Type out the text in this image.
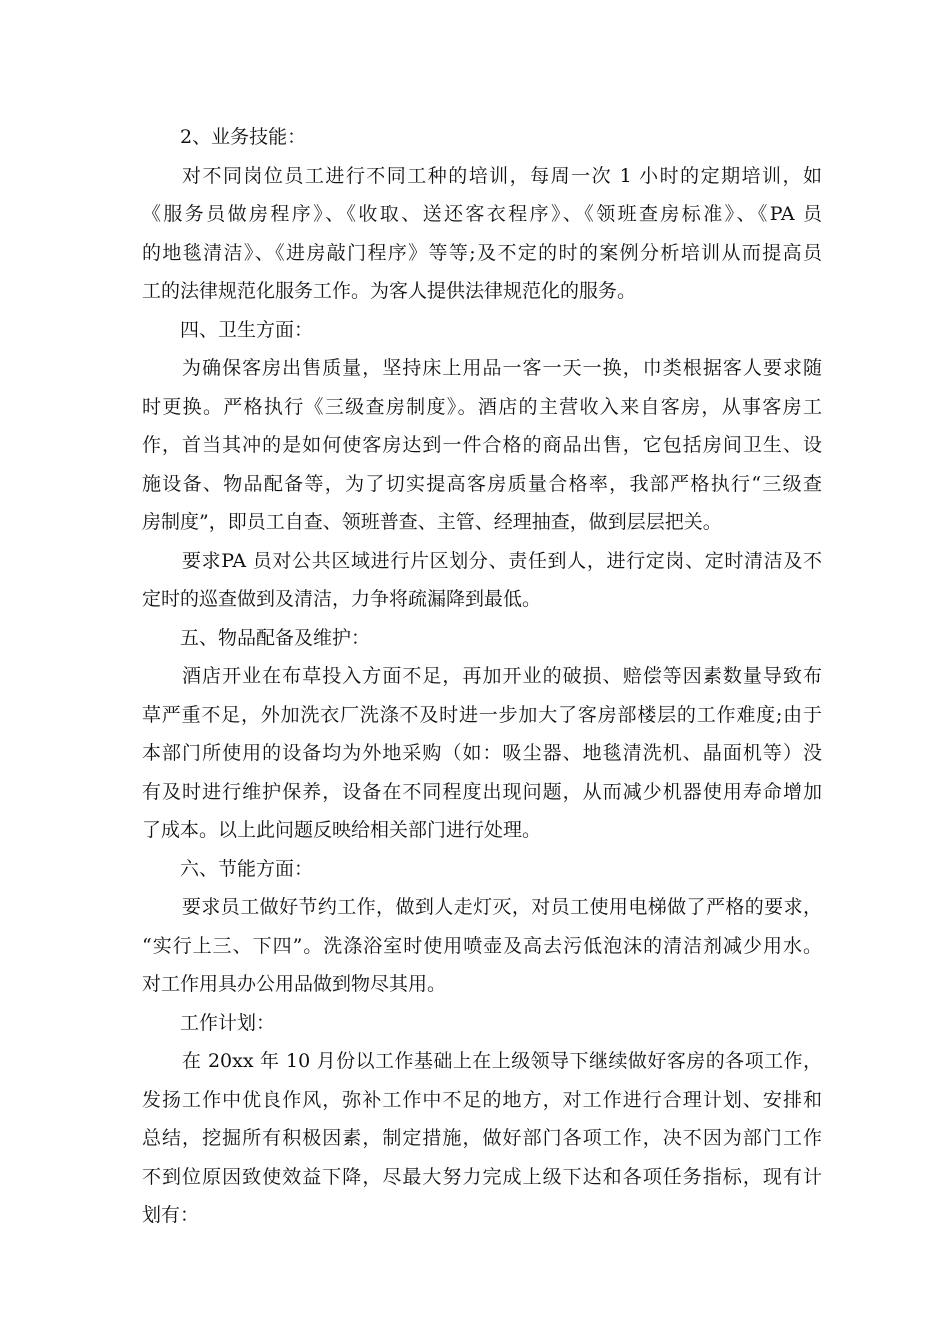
2、业务技能：
对不同岗位员工进行不同工种的培训，每周一次 1 小时的定期培训，如
《服务员做房程序》、《收取、送还客衣程序》、《领班查房标准》、《PA 员
的地毯清洁》、《进房敲门程序》等等;及不定的时的案例分析培训从而提高员
工的法律规范化服务工作。为客人提供法律规范化的服务。
四、卫生方面：
为确保客房出售质量，坚持床上用品一客一天一换，巾类根据客人要求随
时更换。严格执行《三级查房制度》。酒店的主营收入来自客房，从事客房工
作，首当其冲的是如何使客房达到一件合格的商品出售，它包括房间卫生、设
施设备、物品配备等，为了切实提高客房质量合格率，我部严格执行“三级查
房制度”，即员工自查、领班普查、主管、经理抽查，做到层层把关。
要求PA 员对公共区域进行片区划分、责任到人，进行定岗、定时清洁及不
定时的巡查做到及清洁，力争将疏漏降到最低。
五、物品配备及维护：
酒店开业在布草投入方面不足，再加开业的破损、赔偿等因素数量导致布
草严重不足，外加洗衣厂洗涤不及时进一步加大了客房部楼层的工作难度;由于
本部门所使用的设备均为外地采购（如：吸尘器、地毯清洗机、晶面机等）没
有及时进行维护保养，设备在不同程度出现问题，从而减少机器使用寿命增加
了成本。以上此问题反映给相关部门进行处理。
六、节能方面：
要求员工做好节约工作，做到人走灯灭，对员工使用电梯做了严格的要求，
“实行上三、下四”。洗涤浴室时使用喷壶及高去污低泡沫的清洁剂减少用水。
对工作用具办公用品做到物尽其用。
工作计划：
在 20xx 年 10 月份以工作基础上在上级领导下继续做好客房的各项工作，
发扬工作中优良作风，弥补工作中不足的地方，对工作进行合理计划、安排和
总结，挖掘所有积极因素，制定措施，做好部门各项工作，决不因为部门工作
不到位原因致使效益下降，尽最大努力完成上级下达和各项任务指标，现有计
划有：
